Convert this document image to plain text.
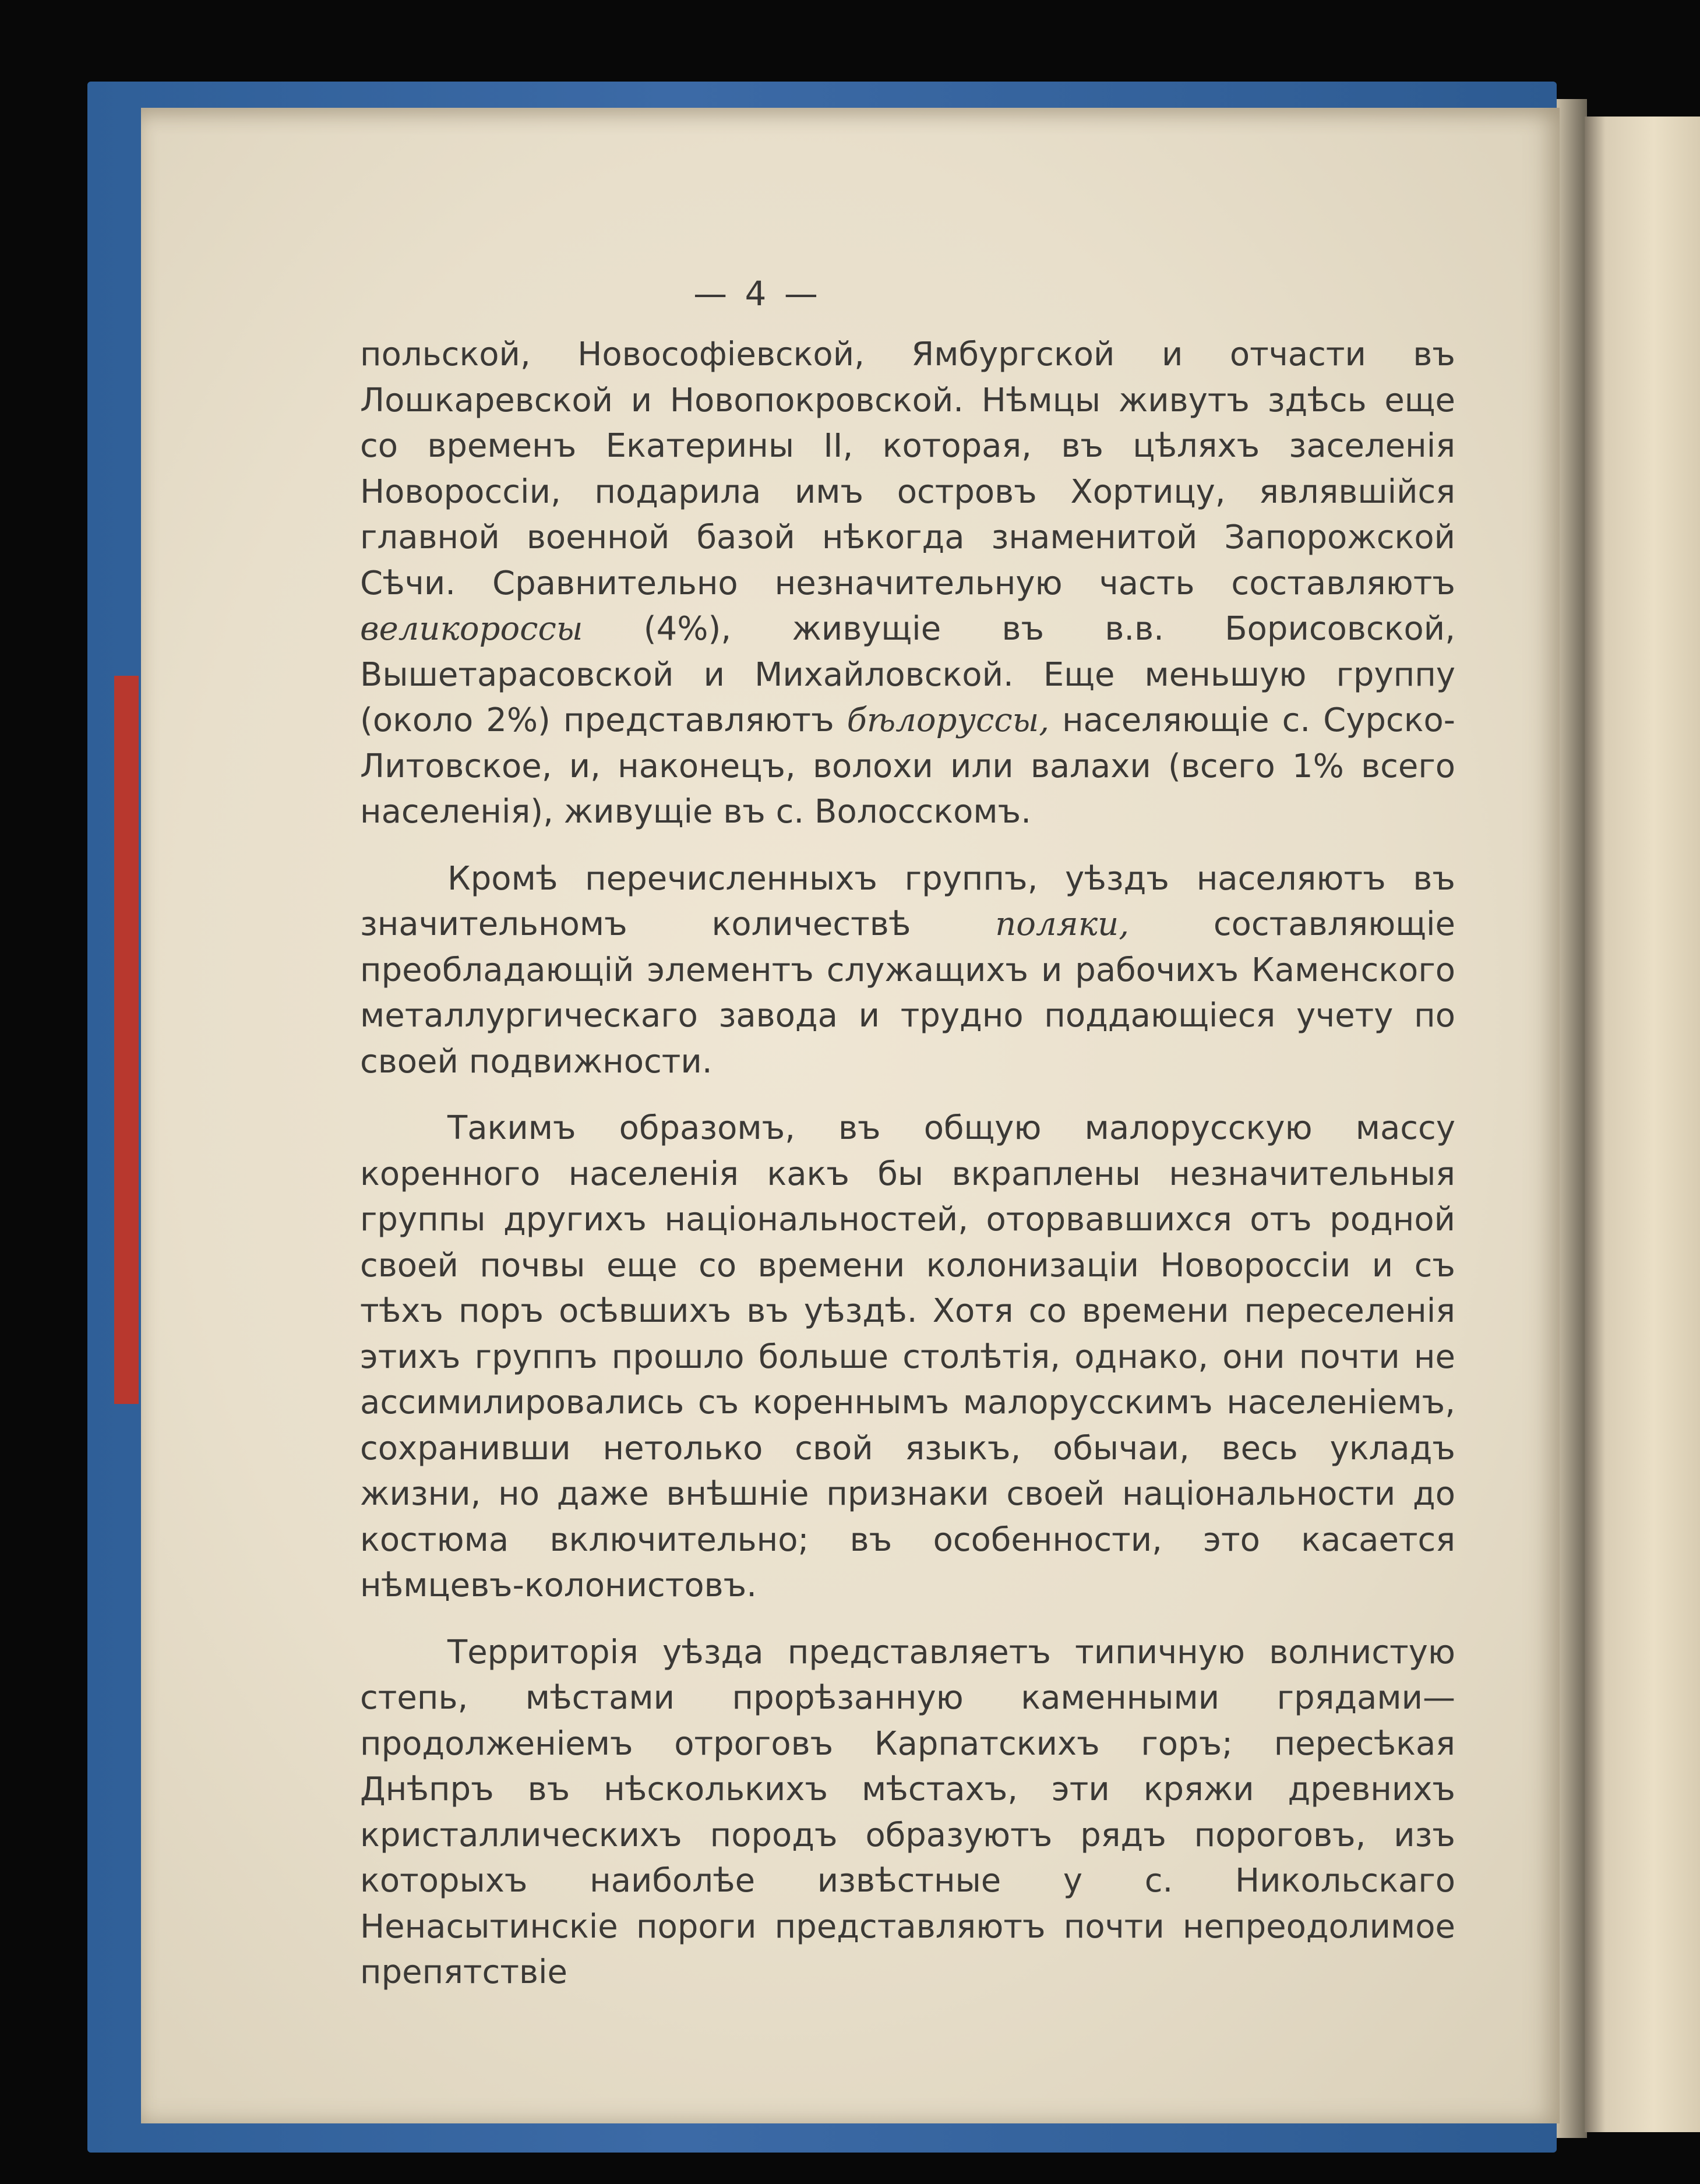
— 4 —

польской, Новософіевской, Ямбургской и отчасти въ Лошкаревской и Новопокровской. Нѣмцы живутъ здѣсь еще со временъ Екатерины II, которая, въ цѣляхъ заселенія Новороссіи, подарила имъ островъ Хортицу, являвшійся главной военной базой нѣкогда знаменитой Запорожской Сѣчи. Сравнительно незначительную часть составляютъ великороссы (4%), живущіе въ в.в. Борисовской, Вышетарасовской и Михайловской. Еще меньшую группу (около 2%) представляютъ бѣлоруссы, населяющіе с. Сурско-Литовское, и, наконецъ, волохи или валахи (всего 1% всего населенія), живущіе въ с. Волосскомъ.

Кромѣ перечисленныхъ группъ, уѣздъ населяютъ въ значительномъ количествѣ поляки, составляющіе преобладающій элементъ служащихъ и рабочихъ Каменского металлургическаго завода и трудно поддающіеся учету по своей подвижности.

Такимъ образомъ, въ общую малорусскую массу коренного населенія какъ бы вкраплены незначительныя группы другихъ національностей, оторвавшихся отъ родной своей почвы еще со времени колонизаціи Новороссіи и съ тѣхъ поръ осѣвшихъ въ уѣздѣ. Хотя со времени переселенія этихъ группъ прошло больше столѣтія, однако, они почти не ассимилировались съ кореннымъ малорусскимъ населеніемъ, сохранивши нетолько свой языкъ, обычаи, весь укладъ жизни, но даже внѣшніе признаки своей національности до костюма включительно; въ особенности, это касается нѣмцевъ-колонистовъ.

Территорія уѣзда представляетъ типичную волнистую степь, мѣстами прорѣзанную каменными грядами—продолженіемъ отроговъ Карпатскихъ горъ; пересѣкая Днѣпръ въ нѣсколькихъ мѣстахъ, эти кряжи древнихъ кристаллическихъ породъ образуютъ рядъ пороговъ, изъ которыхъ наиболѣе извѣстные у с. Никольскаго Ненасытинскіе пороги представляютъ почти непреодолимое препятствіе
